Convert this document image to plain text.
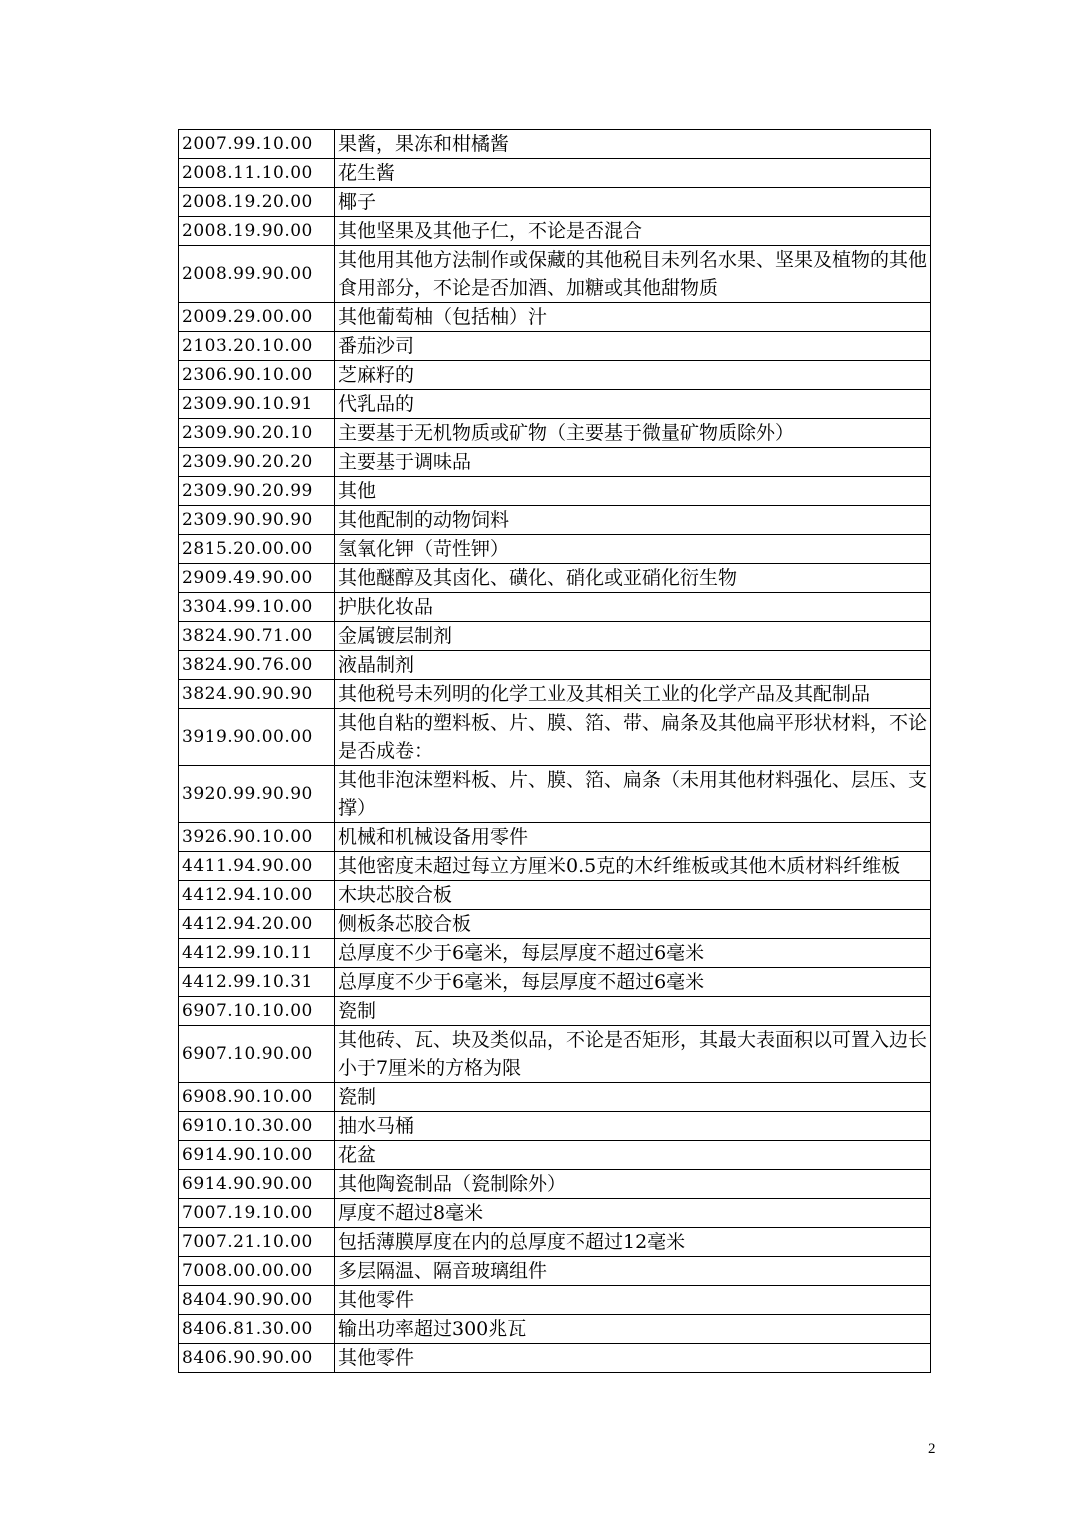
2007.99.10.00	果酱，果冻和柑橘酱
2008.11.10.00	花生酱
2008.19.20.00	椰子
2008.19.90.00	其他坚果及其他子仁，不论是否混合
2008.99.90.00	其他用其他方法制作或保藏的其他税目未列名水果、坚果及植物的其他食用部分，不论是否加酒、加糖或其他甜物质
2009.29.00.00	其他葡萄柚（包括柚）汁
2103.20.10.00	番茄沙司
2306.90.10.00	芝麻籽的
2309.90.10.91	代乳品的
2309.90.20.10	主要基于无机物质或矿物（主要基于微量矿物质除外）
2309.90.20.20	主要基于调味品
2309.90.20.99	其他
2309.90.90.90	其他配制的动物饲料
2815.20.00.00	氢氧化钾（苛性钾）
2909.49.90.00	其他醚醇及其卤化、磺化、硝化或亚硝化衍生物
3304.99.10.00	护肤化妆品
3824.90.71.00	金属镀层制剂
3824.90.76.00	液晶制剂
3824.90.90.90	其他税号未列明的化学工业及其相关工业的化学产品及其配制品
3919.90.00.00	其他自粘的塑料板、片、膜、箔、带、扁条及其他扁平形状材料，不论是否成卷：
3920.99.90.90	其他非泡沫塑料板、片、膜、箔、扁条（未用其他材料强化、层压、支撑）
3926.90.10.00	机械和机械设备用零件
4411.94.90.00	其他密度未超过每立方厘米0.5克的木纤维板或其他木质材料纤维板
4412.94.10.00	木块芯胶合板
4412.94.20.00	侧板条芯胶合板
4412.99.10.11	总厚度不少于6毫米，每层厚度不超过6毫米
4412.99.10.31	总厚度不少于6毫米，每层厚度不超过6毫米
6907.10.10.00	瓷制
6907.10.90.00	其他砖、瓦、块及类似品，不论是否矩形，其最大表面积以可置入边长小于7厘米的方格为限
6908.90.10.00	瓷制
6910.10.30.00	抽水马桶
6914.90.10.00	花盆
6914.90.90.00	其他陶瓷制品（瓷制除外）
7007.19.10.00	厚度不超过8毫米
7007.21.10.00	包括薄膜厚度在内的总厚度不超过12毫米
7008.00.00.00	多层隔温、隔音玻璃组件
8404.90.90.00	其他零件
8406.81.30.00	输出功率超过300兆瓦
8406.90.90.00	其他零件
2
